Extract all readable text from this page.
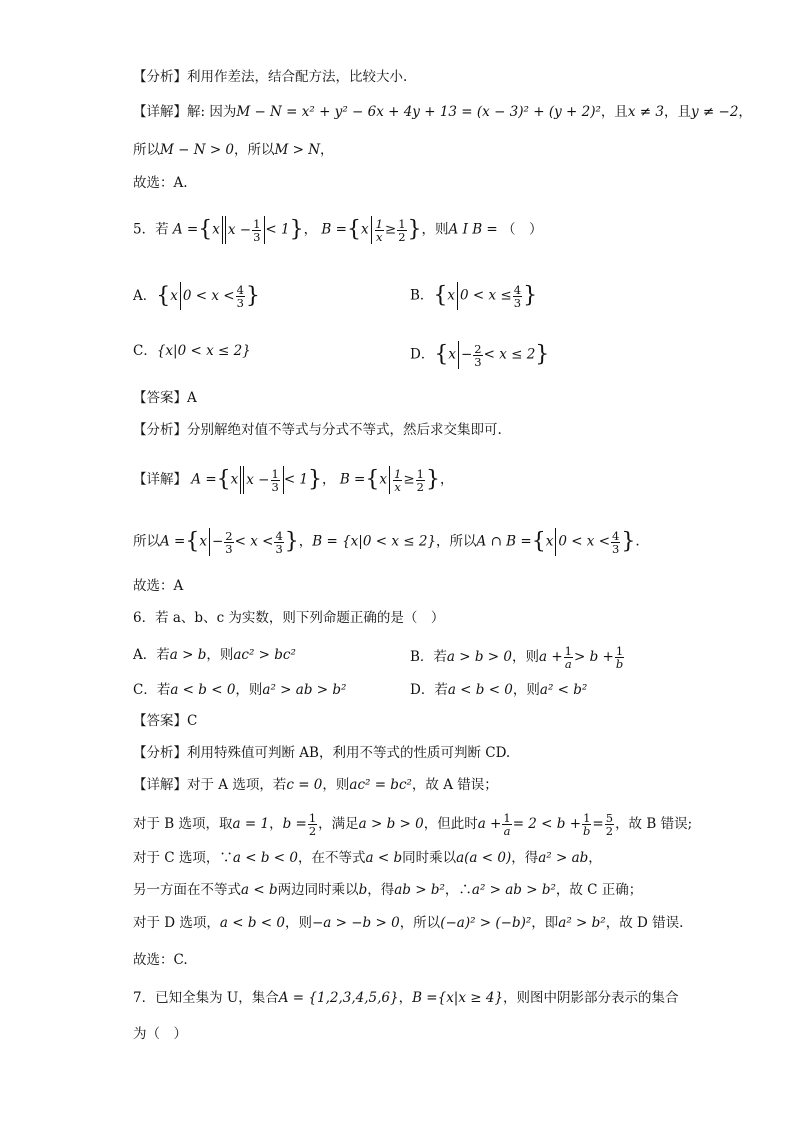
【分析】利用作差法，结合配方法，比较大小.
【详解】解: 因为M − N = x² + y² − 6x + 4y + 13 = (x − 3)² + (y + 2)²，且x ≠ 3，且y ≠ −2，
所以M − N > 0，所以M > N，
故选：A.
5．若 A ={x $x - \frac{1}{3} < 1$}， $B =\{x \frac{1}{x} \ge \frac{1}{2}$ }，则A I B = （　）
A．{x $0 < x < \frac{4}{3}$ }	B．{x $0 < x \le \frac{4}{3}$ }
C．{x|0 < x ≤ 2}	D．$\{x - \frac{2}{3} < x \le 2\}$
【答案】A
【分析】分别解绝对值不等式与分式不等式，然后求交集即可.
【详解】 A ={x $x - \frac{1}{3} < 1$}， $B =\{x \frac{1}{x} \ge \frac{1}{2}$ }，
所以$A =\{x - \frac{2}{3} < x < \frac{4}{3}$ }，B = {x|0 < x ≤ 2}，所以A ∩ B ={x $0 < x < \frac{4}{3}$ }.
故选：A
6．若 a、b、c 为实数，则下列命题正确的是（　）
A．若a > b，则ac² > bc²	B．若a > b > 0，则$a + \frac{1}{a} > b + \frac{1}{b}$
C．若a < b < 0，则a² > ab > b²	D．若a < b < 0，则a² < b²
【答案】C
【分析】利用特殊值可判断 AB，利用不等式的性质可判断 CD.
【详解】对于 A 选项，若c = 0，则ac² = bc²，故 A 错误；
对于 B 选项，取a = 1，$b = \frac{1}{2}$ ，满足a > b > 0，但此时$a + \frac{1}{a} = 2 < b + \frac{1}{b} = \frac{5}{2}$ ，故 B 错误;
对于 C 选项，∵a < b < 0，在不等式a < b同时乘以a(a < 0)，得a² > ab，
另一方面在不等式a < b两边同时乘以b，得ab > b²，∴a² > ab > b²，故 C 正确；
对于 D 选项，a < b < 0，则−a > −b > 0，所以(−a)² > (−b)²，即a² > b²，故 D 错误.
故选：C.
7．已知全集为 U，集合A = {1,2,3,4,5,6}，B ={x|x ≥ 4}，则图中阴影部分表示的集合
为（　）
